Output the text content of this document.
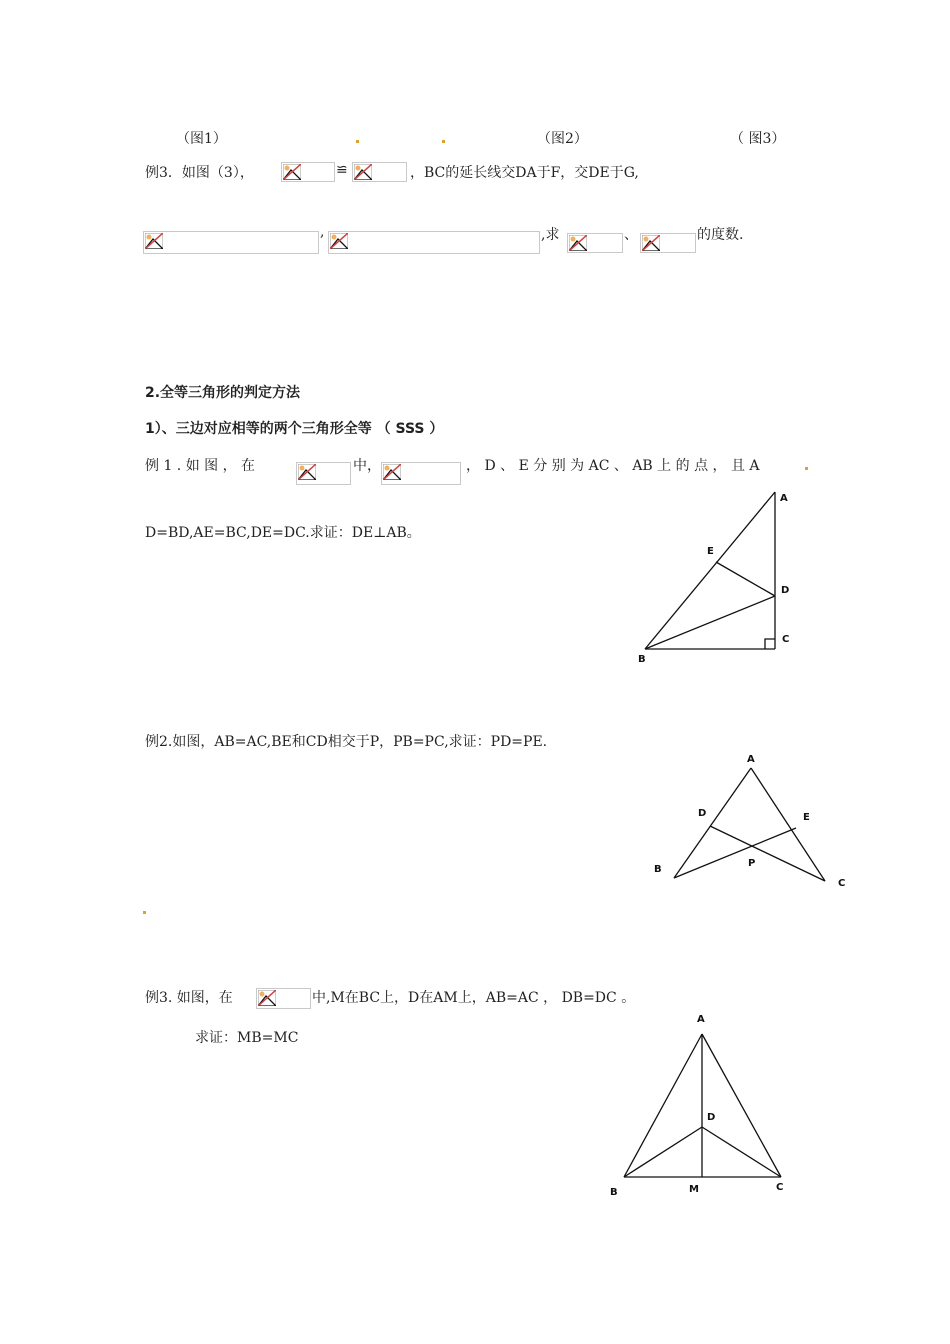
（图1）	（图2）	（ 图3）
例3．如图（3），	≌	，BC的延长线交DA于F，交DE于G,
,	,求	、	的度数.
2.全等三角形的判定方法
1）、三边对应相等的两个三角形全等 （ SSS ）
例 1 . 如 图 ， 在	中，	， D 、 E 分 别 为 AC 、 AB 上 的 点 ， 且 A
D=BD,AE=BC,DE=DC.求证：DE⊥AB。
A
E
D
C
B
例2.如图，AB=AC,BE和CD相交于P，PB=PC,求证：PD=PE.
A
D	E
B
P
C
例3. 如图，在	中,M在BC上，D在AM上，AB=AC ， DB=DC 。
求证：MB=MC
A
D
B	M	C
